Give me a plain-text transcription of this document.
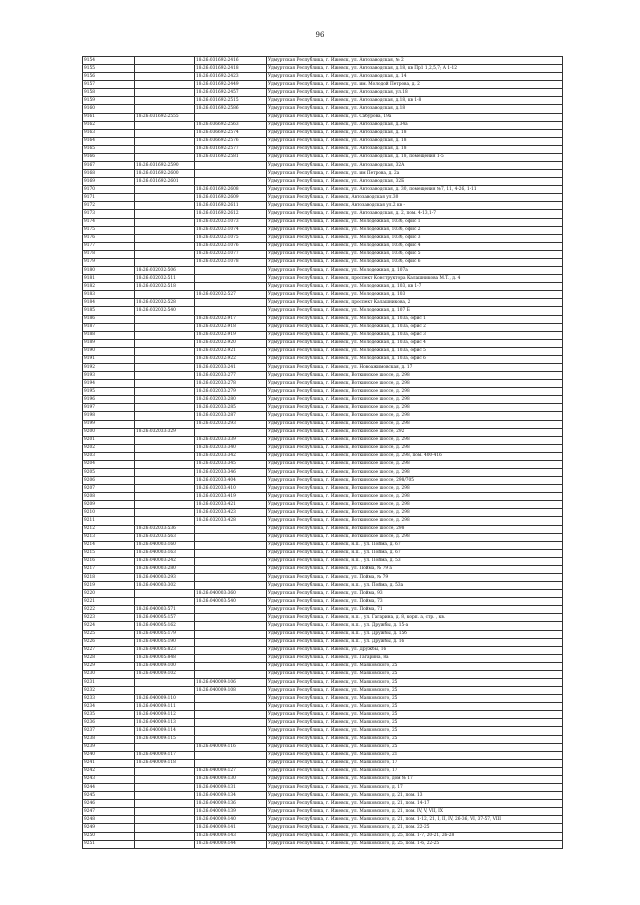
96
9154		18:26:031692:2416	Удмуртская Республика, г. Ижевск, ул. Автозаводская, № 2
9155		18:26:031692:2418	Удмуртская Республика, г. Ижевск, ул. Автозаводская, д.18, кв Пр1 1,2,5,7; А 1-12
9156		18:26:031692:2423	Удмуртская Республика, г. Ижевск, ул. Автозаводская, д. 14
9157		18:26:031692:2449	Удмуртская Республика, г. Ижевск, ул. им. Молодой Петрова, д. 2
9158		18:26:031692:2457	Удмуртская Республика, г. Ижевск, ул. Автозаводская, ул.18
9159		18:26:031692:2515	Удмуртская Республика, г. Ижевск, ул. Автозаводская, д.18, кв 1-8
9160		18:26:031692:2586	Удмуртская Республика, г. Ижевск, ул. Автозаводская, д.18
9161	18:26:031692:2555		Удмуртская Республика, г. Ижевск, ул. Сабурова, 19а
9162		18:26:036692:2563	Удмуртская Республика, г. Ижевск, ул. Автозаводская, д.34а
9163		18:26:036692:2574	Удмуртская Республика, г. Ижевск, ул. Автозаводская, д. 18
9164		18:26:036692:2576	Удмуртская Республика, г. Ижевск, ул. Автозаводская, д. 18
9165		18:26:031692:2577	Удмуртская Республика, г. Ижевск, ул. Автозаводская, д. 18
9166		18:26:031692:2581	Удмуртская Республика, г. Ижевск, ул. Автозаводская, д. 18, помещения 1-5
9167	18:26:031692:2590		Удмуртская Республика, г. Ижевск, ул. Автозаводская, 32А
9168	18:26:031692:2600		Удмуртская Республика, г. Ижевск, ул. им Петрова, д. 2а
9169	18:26:031692:2601		Удмуртская Республика, г. Ижевск, ул. Автозаводская, 32Б
9170		18:26:031692:2608	Удмуртская Республика, г. Ижевск, ул. Автозаводская, д. 30, помещения №7, 11, 4-26, 1-11
9171		18:26:031692:2609	Удмуртская Республика, г. Ижевск, Автозаводская ул.30
9172		18:26:031692:2611	Удмуртская Республика, г. Ижевск, Автозаводская ул.2 кв -
9173		18:26:031692:2612	Удмуртская Республика, г. Ижевск, ул. Автозаводская, д. 2, пом. 4-13,1-7
9174		18:26:032032:1073	Удмуртская Республика, г. Ижевск, ул. Молодежная, 103б, офис 1
9175		18:26:032032:1074	Удмуртская Республика, г. Ижевск, ул. Молодежная, 103б, офис 2
9176		18:26:032032:1075	Удмуртская Республика, г. Ижевск, ул. Молодежная, 103б, офис 3
9177		18:26:032032:1076	Удмуртская Республика, г. Ижевск, ул. Молодежная, 103б, офис 4
9178		18:26:032032:1077	Удмуртская Республика, г. Ижевск, ул. Молодежная, 103б, офис 5
9179		18:26:032032:1078	Удмуртская Республика, г. Ижевск, ул. Молодежная, 103б, офис 6
9180	18:26:032032:506		Удмуртская Республика, г. Ижевск, ул. Молодежная, д. 107а
9181	18:26:032032:511		Удмуртская Республика, г. Ижевск, проспект Конструктора Калашникова М.Т., д. 4
9182	18:26:032032:518		Удмуртская Республика, г. Ижевск, ул. Молодежная, д. 103, кв 1-7
9183		18:26:032032:527	Удмуртская Республика, г. Ижевск, ул. Молодежная, д. 103
9184	18:26:032032:528		Удмуртская Республика, г. Ижевск, проспект Калашникова, 2
9185	18:26:032032:540		Удмуртская Республика, г. Ижевск, ул. Молодежная, д. 107 Б
9186		18:26:032032:917	Удмуртская Республика, г. Ижевск, ул. Молодежная, д. 103а, офис 1
9187		18:26:032032:918	Удмуртская Республика, г. Ижевск, ул. Молодежная, д. 103а, офис 2
9188		18:26:032032:919	Удмуртская Республика, г. Ижевск, ул. Молодежная, д. 103а, офис 3
9189		18:26:032032:920	Удмуртская Республика, г. Ижевск, ул. Молодежная, д. 103а, офис 4
9190		18:26:032032:921	Удмуртская Республика, г. Ижевск, ул. Молодежная, д. 103а, офис 5
9191		18:26:032032:922	Удмуртская Республика, г. Ижевск, ул. Молодежная, д. 103а, офис 6
9192		18:26:032033:241	Удмуртская Республика, г. Ижевск, ул. Новоажимовская, д. 17
9193		18:26:032033:277	Удмуртская Республика, г. Ижевск, Воткинское шоссе, д. 298
9194		18:26:032033:278	Удмуртская Республика, г. Ижевск, Воткинское шоссе, д. 298
9195		18:26:032033:279	Удмуртская Республика, г. Ижевск, Воткинское шоссе, д. 298
9196		18:26:032033:280	Удмуртская Республика, г. Ижевск, Воткинское шоссе, д. 298
9197		18:26:032033:285	Удмуртская Республика, г. Ижевск, Воткинское шоссе, д. 298
9198		18:26:032033:287	Удмуртская Республика, г. Ижевск, Воткинское шоссе, д. 298
9199		18:26:032033:293	Удмуртская Республика, г. Ижевск, Воткинское шоссе, д. 298
9200	18:26:032033:329		Удмуртская Республика, г. Ижевск, Воткинское шоссе, 292
9201		18:26:032033:339	Удмуртская Республика, г. Ижевск, Воткинское шоссе, д. 298
9202		18:26:032033:340	Удмуртская Республика, г. Ижевск, Воткинское шоссе, д. 298
9203		18:26:032033:342	Удмуртская Республика, г. Ижевск, Воткинское шоссе, д. 298, пом. 400-416
9204		18:26:032033:345	Удмуртская Республика, г. Ижевск, Воткинское шоссе, д. 298
9205		18:26:032033:346	Удмуртская Республика, г. Ижевск, Воткинское шоссе, д. 298
9206		18:26:032033:404	Удмуртская Республика, г. Ижевск, Воткинское шоссе, 298/705
9207		18:26:032033:410	Удмуртская Республика, г. Ижевск, Воткинское шоссе, д. 298
9208		18:26:032033:419	Удмуртская Республика, г. Ижевск, Воткинское шоссе, д. 298
9209		18:26:032033:421	Удмуртская Республика, г. Ижевск, Воткинское шоссе, д. 298
9210		18:26:032033:423	Удмуртская Республика, г. Ижевск, Воткинское шоссе, д. 298
9211		18:26:032033:428	Удмуртская Республика, г. Ижевск, Воткинское шоссе, д. 298
9212	18:26:032033:536		Удмуртская Республика, г. Ижевск, Воткинское шоссе, 298
9213	18:26:032033:563		Удмуртская Республика, г. Ижевск, Воткинское шоссе, д. 298
9214	18:26:040003:160		Удмуртская Республика, г. Ижевск, н.п. , ул. Пойма, д. 67
9215	18:26:040003:163		Удмуртская Республика, г. Ижевск, н.п. , ул. Пойма, д. 67
9216	18:26:040003:242		Удмуртская Республика, г. Ижевск, н.п. , ул. Пойма, д. 53
9217	18:26:040003:280		Удмуртская Республика, г. Ижевск, ул. Пойма, № 79 а
9218	18:26:040003:293		Удмуртская Республика, г. Ижевск, ул. Пойма, № 79
9219	18:26:040003:302		Удмуртская Республика, г. Ижевск, н.п. , ул. Пойма, д. 53а
9220		18:26:040003:360	Удмуртская Республика, г. Ижевск, ул. Пойма, 93
9221		18:26:040003:540	Удмуртская Республика, г. Ижевск, ул. Пойма, 73
9222	18:26:040003:571		Удмуртская Республика, г. Ижевск, ул. Пойма, 71
9223	18:26:040005:157		Удмуртская Республика, г. Ижевск, н.п. , ул. Гагарина, д. 8, корп. а, стр. , кв.
9224	18:26:040005:162		Удмуртская Республика, г. Ижевск, н.п. , ул. Дружбы, д. 15-а
9225	18:26:040005:179		Удмуртская Республика, г. Ижевск, н.п. , ул. Дружбы, д. 15б
9226	18:26:040005:190		Удмуртская Республика, г. Ижевск, н.п. , ул. Дружбы, д. 16
9227	18:26:040005:823		Удмуртская Республика, г. Ижевск, ул. Дружбы, 16
9228	18:26:040005:848		Удмуртская Республика, г. Ижевск, ул. Гагарина, 8а
9229	18:26:040009:100		Удмуртская Республика, г. Ижевск, ул. Маяковского, 25
9230	18:26:040009:102		Удмуртская Республика, г. Ижевск, ул. Маяковского, 25
9231		18:26:040009:106	Удмуртская Республика, г. Ижевск, ул. Маяковского, 25
9232		18:26:040009:108	Удмуртская Республика, г. Ижевск, ул. Маяковского, 25
9233	18:26:040009:110		Удмуртская Республика, г. Ижевск, ул. Маяковского, 25
9234	18:26:040009:111		Удмуртская Республика, г. Ижевск, ул. Маяковского, 25
9235	18:26:040009:112		Удмуртская Республика, г. Ижевск, ул. Маяковского, 25
9236	18:26:040009:113		Удмуртская Республика, г. Ижевск, ул. Маяковского, 25
9237	18:26:040009:114		Удмуртская Республика, г. Ижевск, ул. Маяковского, 25
9238	18:26:040009:115		Удмуртская Республика, г. Ижевск, ул. Маяковского, 25
9239		18:26:040009:116	Удмуртская Республика, г. Ижевск, ул. Маяковского, 25
9240	18:26:040009:117		Удмуртская Республика, г. Ижевск, ул. Маяковского, 21
9241	18:26:040009:118		Удмуртская Республика, г. Ижевск, ул. Маяковского, 17
9242		18:26:040009:127	Удмуртская Республика, г. Ижевск, ул. Маяковского, 17
9243		18:26:040009:130	Удмуртская Республика, г. Ижевск, ул. Маяковского, дом № 17
9244		18:26:040009:131	Удмуртская Республика, г. Ижевск, ул. Маяковского, д. 17
9245		18:26:040009:134	Удмуртская Республика, г. Ижевск, ул. Маяковского, д. 21, пом. 13
9246		18:26:040009:136	Удмуртская Республика, г. Ижевск, ул. Маяковского, д. 21, пом. 14-17
9247		18:26:040009:139	Удмуртская Республика, г. Ижевск, ул. Маяковского, д. 21, пом. IV, V, VII, IX
9248		18:26:040009:140	Удмуртская Республика, г. Ижевск, ул. Маяковского, д. 21, пом. 1-12, 21, I, II, IV, 26-36, VI, 37-57, VIII
9249		18:26:040009:141	Удмуртская Республика, г. Ижевск, ул. Маяковского, д. 21, пом. 22-25
9250		18:26:040009:143	Удмуртская Республика, г. Ижевск, ул. Маяковского, д. 25, пом. 1-7, 20-21, 26-28
9251		18:26:040009:144	Удмуртская Республика, г. Ижевск, ул. Маяковского, д. 25, пом. 1-6, 22-25
